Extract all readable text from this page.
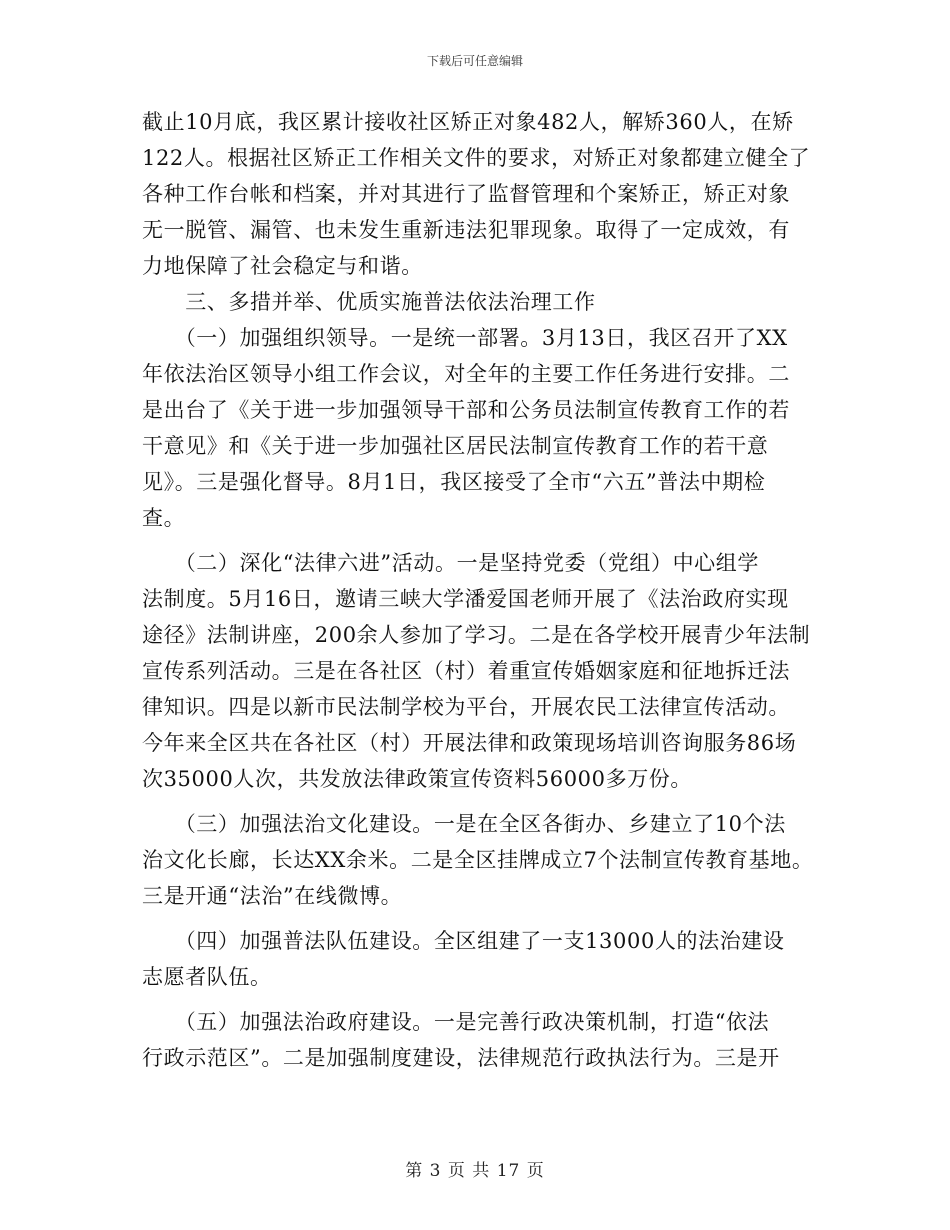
下载后可任意编辑
截止10月底，我区累计接收社区矫正对象482人，解矫360人，在矫
122人。根据社区矫正工作相关文件的要求，对矫正对象都建立健全了
各种工作台帐和档案，并对其进行了监督管理和个案矫正，矫正对象
无一脱管、漏管、也未发生重新违法犯罪现象。取得了一定成效，有
力地保障了社会稳定与和谐。
　　三、多措并举、优质实施普法依法治理工作
　　（一）加强组织领导。一是统一部署。3月13日，我区召开了XX
年依法治区领导小组工作会议，对全年的主要工作任务进行安排。二
是出台了《关于进一步加强领导干部和公务员法制宣传教育工作的若
干意见》和《关于进一步加强社区居民法制宣传教育工作的若干意
见》。三是强化督导。8月1日，我区接受了全市“六五”普法中期检
查。
　　（二）深化“法律六进”活动。一是坚持党委（党组）中心组学
法制度。5月16日，邀请三峡大学潘爱国老师开展了《法治政府实现
途径》法制讲座，200余人参加了学习。二是在各学校开展青少年法制
宣传系列活动。三是在各社区（村）着重宣传婚姻家庭和征地拆迁法
律知识。四是以新市民法制学校为平台，开展农民工法律宣传活动。
今年来全区共在各社区（村）开展法律和政策现场培训咨询服务86场
次35000人次，共发放法律政策宣传资料56000多万份。
　　（三）加强法治文化建设。一是在全区各街办、乡建立了10个法
治文化长廊，长达XX余米。二是全区挂牌成立7个法制宣传教育基地。
三是开通“法治”在线微博。
　　（四）加强普法队伍建设。全区组建了一支13000人的法治建设
志愿者队伍。
　　（五）加强法治政府建设。一是完善行政决策机制，打造“依法
行政示范区”。二是加强制度建设，法律规范行政执法行为。三是开
第 3 页 共 17 页
